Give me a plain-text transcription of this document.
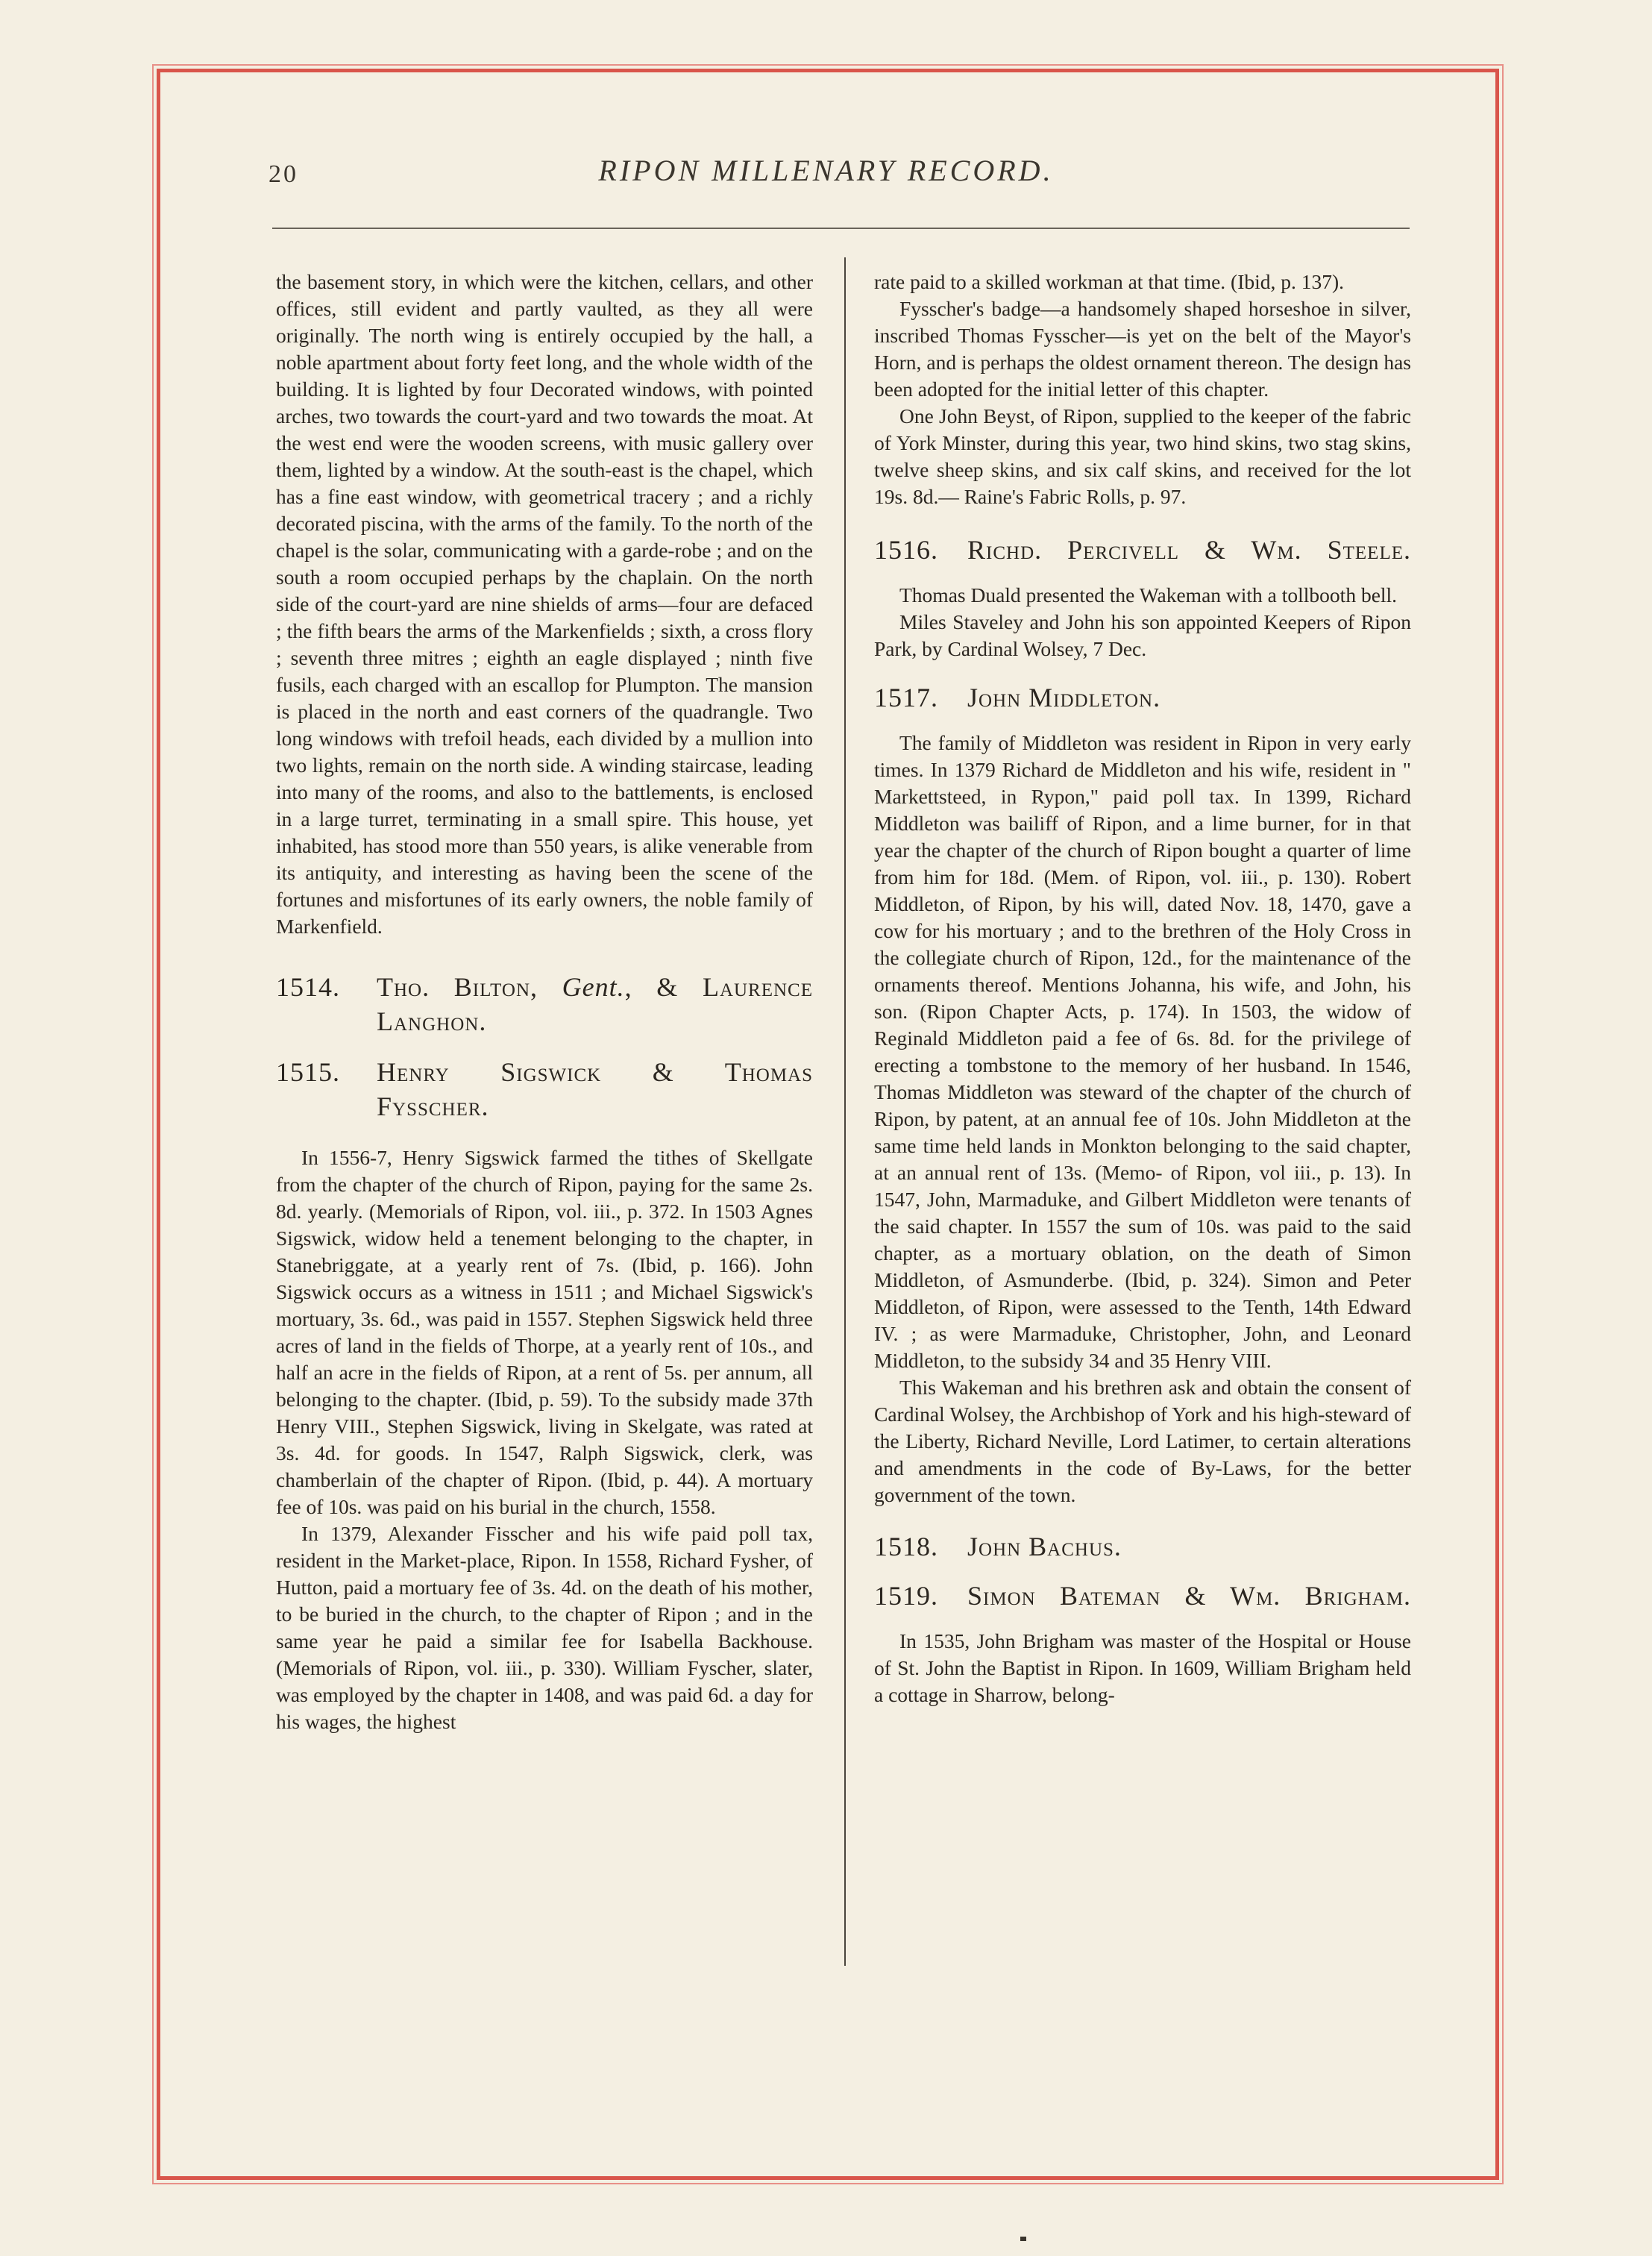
20	RIPON MILLENARY RECORD.

the basement story, in which were the kitchen, cellars, and other offices, still evident and partly vaulted, as they all were originally. The north wing is entirely occupied by the hall, a noble apartment about forty feet long, and the whole width of the building. It is lighted by four Decorated windows, with pointed arches, two towards the court-yard and two towards the moat. At the west end were the wooden screens, with music gallery over them, lighted by a window. At the south-east is the chapel, which has a fine east window, with geometrical tracery ; and a richly decorated piscina, with the arms of the family. To the north of the chapel is the solar, communicating with a garde-robe ; and on the south a room occupied perhaps by the chaplain. On the north side of the court-yard are nine shields of arms—four are defaced ; the fifth bears the arms of the Markenfields ; sixth, a cross flory ; seventh three mitres ; eighth an eagle displayed ; ninth five fusils, each charged with an escallop for Plumpton. The mansion is placed in the north and east corners of the quadrangle. Two long windows with trefoil heads, each divided by a mullion into two lights, remain on the north side. A winding staircase, leading into many of the rooms, and also to the battlements, is enclosed in a large turret, terminating in a small spire. This house, yet inhabited, has stood more than 550 years, is alike venerable from its antiquity, and interesting as having been the scene of the fortunes and misfortunes of its early owners, the noble family of Markenfield.

1514.	Tho. Bilton, Gent., & Laurence
Langhon.
1515.	Henry Sigswick & Thomas
Fysscher.

In 1556-7, Henry Sigswick farmed the tithes of Skellgate from the chapter of the church of Ripon, paying for the same 2s. 8d. yearly. (Memorials of Ripon, vol. iii., p. 372. In 1503 Agnes Sigswick, widow held a tenement belonging to the chapter, in Stanebriggate, at a yearly rent of 7s. (Ibid, p. 166). John Sigswick occurs as a witness in 1511 ; and Michael Sigswick's mortuary, 3s. 6d., was paid in 1557. Stephen Sigswick held three acres of land in the fields of Thorpe, at a yearly rent of 10s., and half an acre in the fields of Ripon, at a rent of 5s. per annum, all belonging to the chapter. (Ibid, p. 59). To the subsidy made 37th Henry VIII., Stephen Sigswick, living in Skelgate, was rated at 3s. 4d. for goods. In 1547, Ralph Sigswick, clerk, was chamberlain of the chapter of Ripon. (Ibid, p. 44). A mortuary fee of 10s. was paid on his burial in the church, 1558.

In 1379, Alexander Fisscher and his wife paid poll tax, resident in the Market-place, Ripon. In 1558, Richard Fysher, of Hutton, paid a mortuary fee of 3s. 4d. on the death of his mother, to be buried in the church, to the chapter of Ripon ; and in the same year he paid a similar fee for Isabella Backhouse. (Memorials of Ripon, vol. iii., p. 330). William Fyscher, slater, was employed by the chapter in 1408, and was paid 6d. a day for his wages, the highest

rate paid to a skilled workman at that time. (Ibid, p. 137).

Fysscher's badge—a handsomely shaped horseshoe in silver, inscribed Thomas Fysscher—is yet on the belt of the Mayor's Horn, and is perhaps the oldest ornament thereon. The design has been adopted for the initial letter of this chapter.

One John Beyst, of Ripon, supplied to the keeper of the fabric of York Minster, during this year, two hind skins, two stag skins, twelve sheep skins, and six calf skins, and received for the lot 19s. 8d.— Raine's Fabric Rolls, p. 97.

1516.	Richd. Percivell & Wm. Steele.

Thomas Duald presented the Wakeman with a tollbooth bell.

Miles Staveley and John his son appointed Keepers of Ripon Park, by Cardinal Wolsey, 7 Dec.

1517.	John Middleton.

The family of Middleton was resident in Ripon in very early times. In 1379 Richard de Middleton and his wife, resident in " Markettsteed, in Rypon," paid poll tax. In 1399, Richard Middleton was bailiff of Ripon, and a lime burner, for in that year the chapter of the church of Ripon bought a quarter of lime from him for 18d. (Mem. of Ripon, vol. iii., p. 130). Robert Middleton, of Ripon, by his will, dated Nov. 18, 1470, gave a cow for his mortuary ; and to the brethren of the Holy Cross in the collegiate church of Ripon, 12d., for the maintenance of the ornaments thereof. Mentions Johanna, his wife, and John, his son. (Ripon Chapter Acts, p. 174). In 1503, the widow of Reginald Middleton paid a fee of 6s. 8d. for the privilege of erecting a tombstone to the memory of her husband. In 1546, Thomas Middleton was steward of the chapter of the church of Ripon, by patent, at an annual fee of 10s. John Middleton at the same time held lands in Monkton belonging to the said chapter, at an annual rent of 13s. (Memo- of Ripon, vol iii., p. 13). In 1547, John, Marmaduke, and Gilbert Middleton were tenants of the said chapter. In 1557 the sum of 10s. was paid to the said chapter, as a mortuary oblation, on the death of Simon Middleton, of Asmunderbe. (Ibid, p. 324). Simon and Peter Middleton, of Ripon, were assessed to the Tenth, 14th Edward IV. ; as were Marmaduke, Christopher, John, and Leonard Middleton, to the subsidy 34 and 35 Henry VIII.

This Wakeman and his brethren ask and obtain the consent of Cardinal Wolsey, the Archbishop of York and his high-steward of the Liberty, Richard Neville, Lord Latimer, to certain alterations and amendments in the code of By-Laws, for the better government of the town.

1518.	John Bachus.
1519.	Simon Bateman & Wm. Brigham.

In 1535, John Brigham was master of the Hospital or House of St. John the Baptist in Ripon. In 1609, William Brigham held a cottage in Sharrow, belong-
